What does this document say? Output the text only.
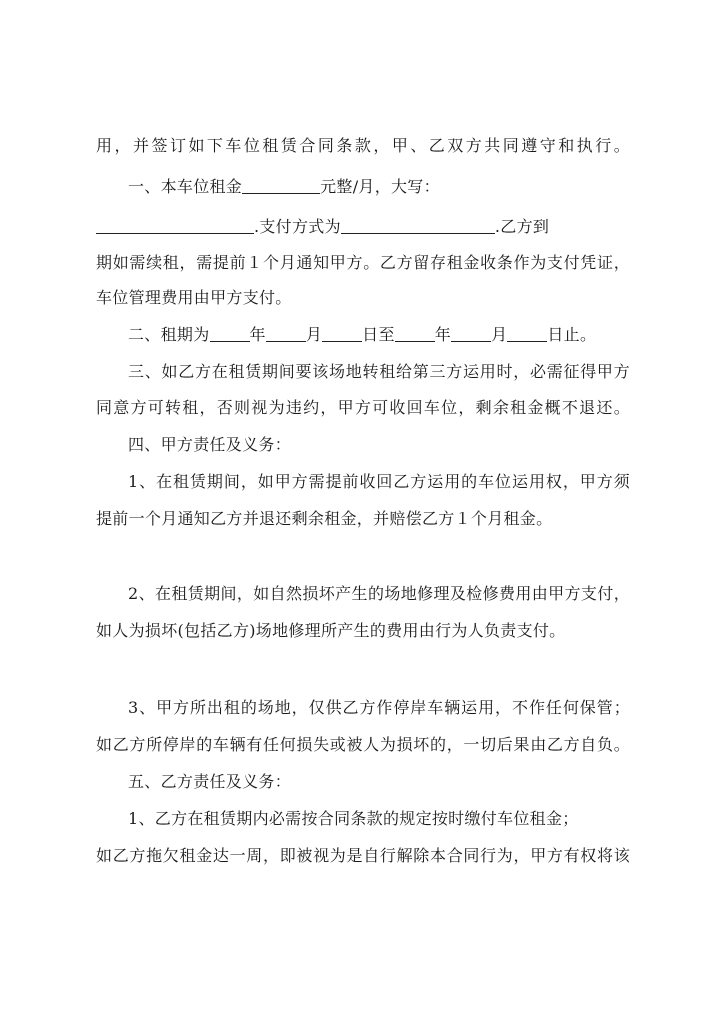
用，并签订如下车位租赁合同条款，甲、乙双方共同遵守和执行。
一、本车位租金	元整/月，大写：
.支付方式为	.乙方到
期如需续租，需提前１个月通知甲方。乙方留存租金收条作为支付凭证，
车位管理费用由甲方支付。
二、租期为	年	月	日至	年	月	日止。
三、如乙方在租赁期间要该场地转租给第三方运用时，必需征得甲方
同意方可转租，否则视为违约，甲方可收回车位，剩余租金概不退还。
四、甲方责任及义务：
1、在租赁期间，如甲方需提前收回乙方运用的车位运用权，甲方须
提前一个月通知乙方并退还剩余租金，并赔偿乙方１个月租金。
2、在租赁期间，如自然损坏产生的场地修理及检修费用由甲方支付，
如人为损坏(包括乙方)场地修理所产生的费用由行为人负责支付。
3、甲方所出租的场地，仅供乙方作停岸车辆运用，不作任何保管；
如乙方所停岸的车辆有任何损失或被人为损坏的，一切后果由乙方自负。
五、乙方责任及义务：
1、乙方在租赁期内必需按合同条款的规定按时缴付车位租金；
如乙方拖欠租金达一周，即被视为是自行解除本合同行为，甲方有权将该
